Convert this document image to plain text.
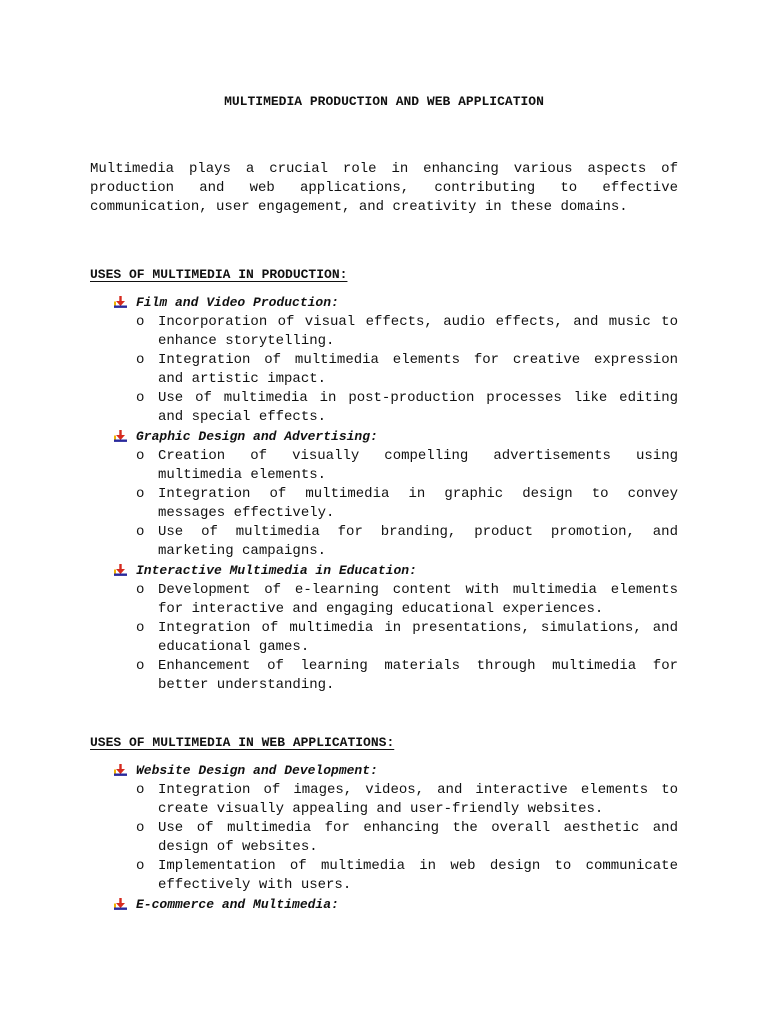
MULTIMEDIA PRODUCTION AND WEB APPLICATION

Multimedia plays a crucial role in enhancing various aspects of production and web applications, contributing to effective communication, user engagement, and creativity in these domains.

USES OF MULTIMEDIA IN PRODUCTION:
Film and Video Production:
o Incorporation of visual effects, audio effects, and music to enhance storytelling.
o Integration of multimedia elements for creative expression and artistic impact.
o Use of multimedia in post-production processes like editing and special effects.
Graphic Design and Advertising:
o Creation of visually compelling advertisements using multimedia elements.
o Integration of multimedia in graphic design to convey messages effectively.
o Use of multimedia for branding, product promotion, and marketing campaigns.
Interactive Multimedia in Education:
o Development of e-learning content with multimedia elements for interactive and engaging educational experiences.
o Integration of multimedia in presentations, simulations, and educational games.
o Enhancement of learning materials through multimedia for better understanding.
USES OF MULTIMEDIA IN WEB APPLICATIONS:
Website Design and Development:
o Integration of images, videos, and interactive elements to create visually appealing and user-friendly websites.
o Use of multimedia for enhancing the overall aesthetic and design of websites.
o Implementation of multimedia in web design to communicate effectively with users.
E-commerce and Multimedia:
